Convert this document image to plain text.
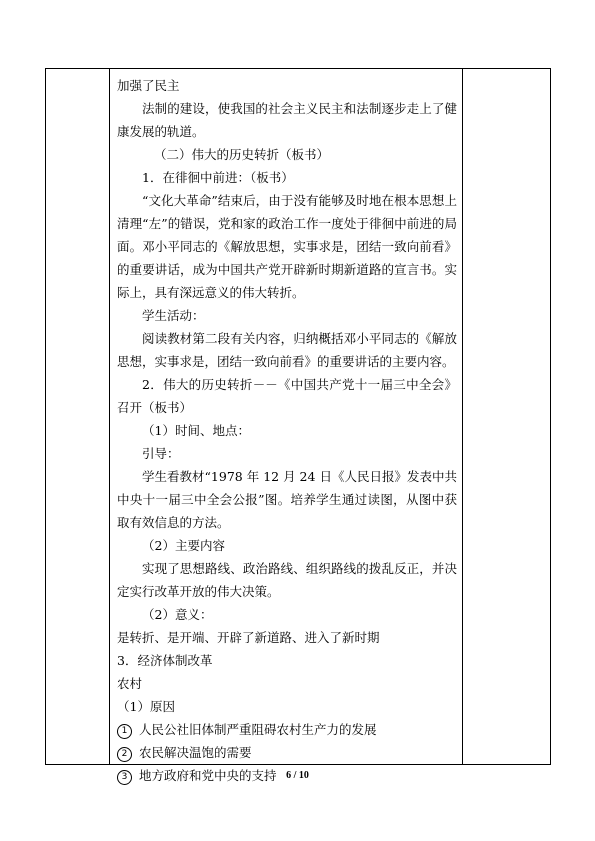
加强了民主

法制的建设，使我国的社会主义民主和法制逐步走上了健康发展的轨道。

（二）伟大的历史转折（板书）

1．在徘徊中前进：（板书）

“文化大革命”结束后，由于没有能够及时地在根本思想上清理“左”的错误，党和家的政治工作一度处于徘徊中前进的局面。邓小平同志的《解放思想，实事求是，团结一致向前看》的重要讲话，成为中国共产党开辟新时期新道路的宣言书。实际上，具有深远意义的伟大转折。

学生活动：

阅读教材第二段有关内容，归纳概括邓小平同志的《解放思想，实事求是，团结一致向前看》的重要讲话的主要内容。

2．伟大的历史转折－－《中国共产党十一届三中全会》召开（板书）

（1）时间、地点：

引导：

学生看教材“1978 年 12 月 24 日《人民日报》发表中共中央十一届三中全会公报”图。培养学生通过读图，从图中获取有效信息的方法。

（2）主要内容

实现了思想路线、政治路线、组织路线的拨乱反正，并决定实行改革开放的伟大决策。

（2）意义：

是转折、是开端、开辟了新道路、进入了新时期

3．经济体制改革

农村

（1）原因

1 人民公社旧体制严重阻碍农村生产力的发展

2 农民解决温饱的需要

3 地方政府和党中央的支持 6 / 10
